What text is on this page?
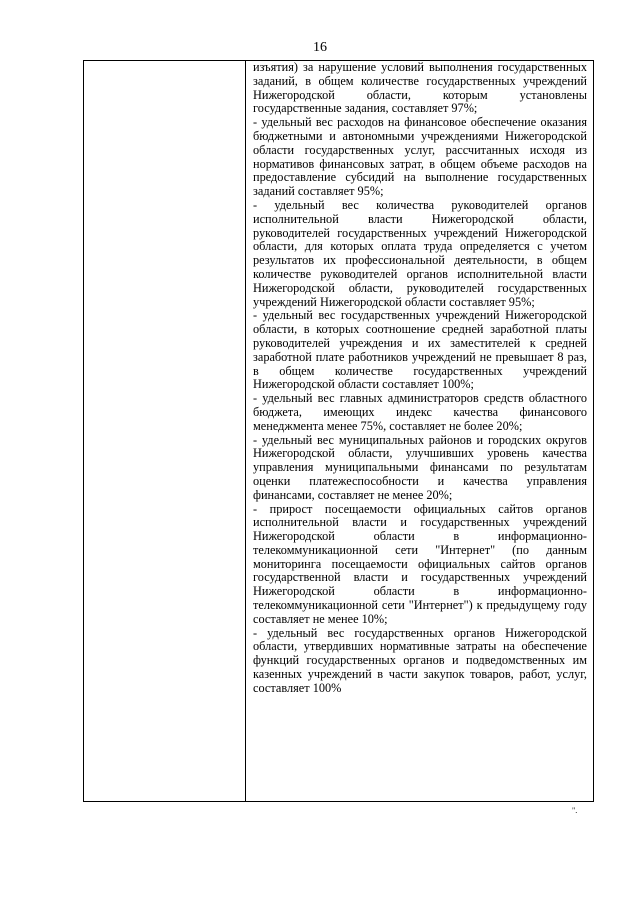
16

изъятия) за нарушение условий выполнения государственных заданий, в общем количестве государственных учреждений Нижегородской области, которым установлены государственные задания, составляет 97%;

- удельный вес расходов на финансовое обеспечение оказания бюджетными и автономными учреждениями Нижегородской области государственных услуг, рассчитанных исходя из нормативов финансовых затрат, в общем объеме расходов на предоставление субсидий на выполнение государственных заданий составляет 95%;

- удельный вес количества руководителей органов исполнительной власти Нижегородской области, руководителей государственных учреждений Нижегородской области, для которых оплата труда определяется с учетом результатов их профессиональной деятельности, в общем количестве руководителей органов исполнительной власти Нижегородской области, руководителей государственных учреждений Нижегородской области составляет 95%;

- удельный вес государственных учреждений Нижегородской области, в которых соотношение средней заработной платы руководителей учреждения и их заместителей к средней заработной плате работников учреждений не превышает 8 раз, в общем количестве государственных учреждений Нижегородской области составляет 100%;

- удельный вес главных администраторов средств областного бюджета, имеющих индекс качества финансового менеджмента менее 75%, составляет не более 20%;

- удельный вес муниципальных районов и городских округов Нижегородской области, улучшивших уровень качества управления муниципальными финансами по результатам оценки платежеспособности и качества управления финансами, составляет не менее 20%;

- прирост посещаемости официальных сайтов органов исполнительной власти и государственных учреждений Нижегородской области в информационно-телекоммуникационной сети "Интернет" (по данным мониторинга посещаемости официальных сайтов органов государственной власти и государственных учреждений Нижегородской области в информационно-телекоммуникационной сети "Интернет") к предыдущему году составляет не менее 10%;

- удельный вес государственных органов Нижегородской области, утвердивших нормативные затраты на обеспечение функций государственных органов и подведомственных им казенных учреждений в части закупок товаров, работ, услуг, составляет 100%

".
